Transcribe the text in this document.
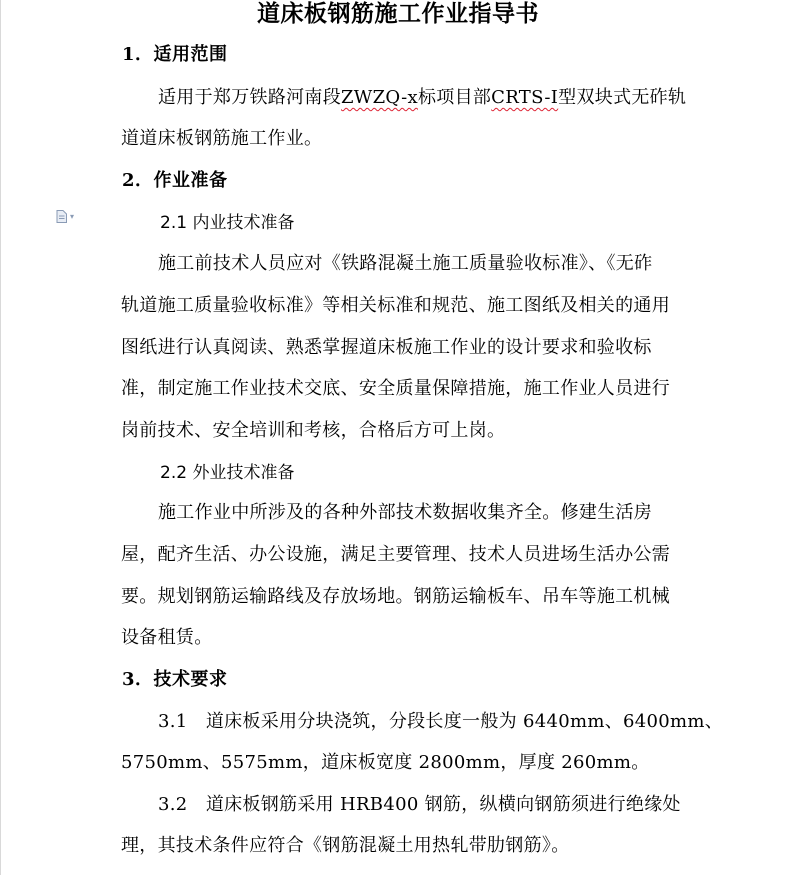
道床板钢筋施工作业指导书
1．适用范围
适用于郑万铁路河南段ZWZQ-x标项目部CRTS-I型双块式无砟轨
道道床板钢筋施工作业。
2．作业准备
▾	2.1 内业技术准备
施工前技术人员应对《铁路混凝土施工质量验收标准》、《无砟
轨道施工质量验收标准》等相关标准和规范、施工图纸及相关的通用
图纸进行认真阅读、熟悉掌握道床板施工作业的设计要求和验收标
准，制定施工作业技术交底、安全质量保障措施，施工作业人员进行
岗前技术、安全培训和考核，合格后方可上岗。
2.2 外业技术准备
施工作业中所涉及的各种外部技术数据收集齐全。修建生活房
屋，配齐生活、办公设施，满足主要管理、技术人员进场生活办公需
要。规划钢筋运输路线及存放场地。钢筋运输板车、吊车等施工机械
设备租赁。
3．技术要求
3.1　道床板采用分块浇筑，分段长度一般为 6440mm、6400mm、
5750mm、5575mm，道床板宽度 2800mm，厚度 260mm。
3.2　道床板钢筋采用 HRB400 钢筋，纵横向钢筋须进行绝缘处
理，其技术条件应符合《钢筋混凝土用热轧带肋钢筋》。
